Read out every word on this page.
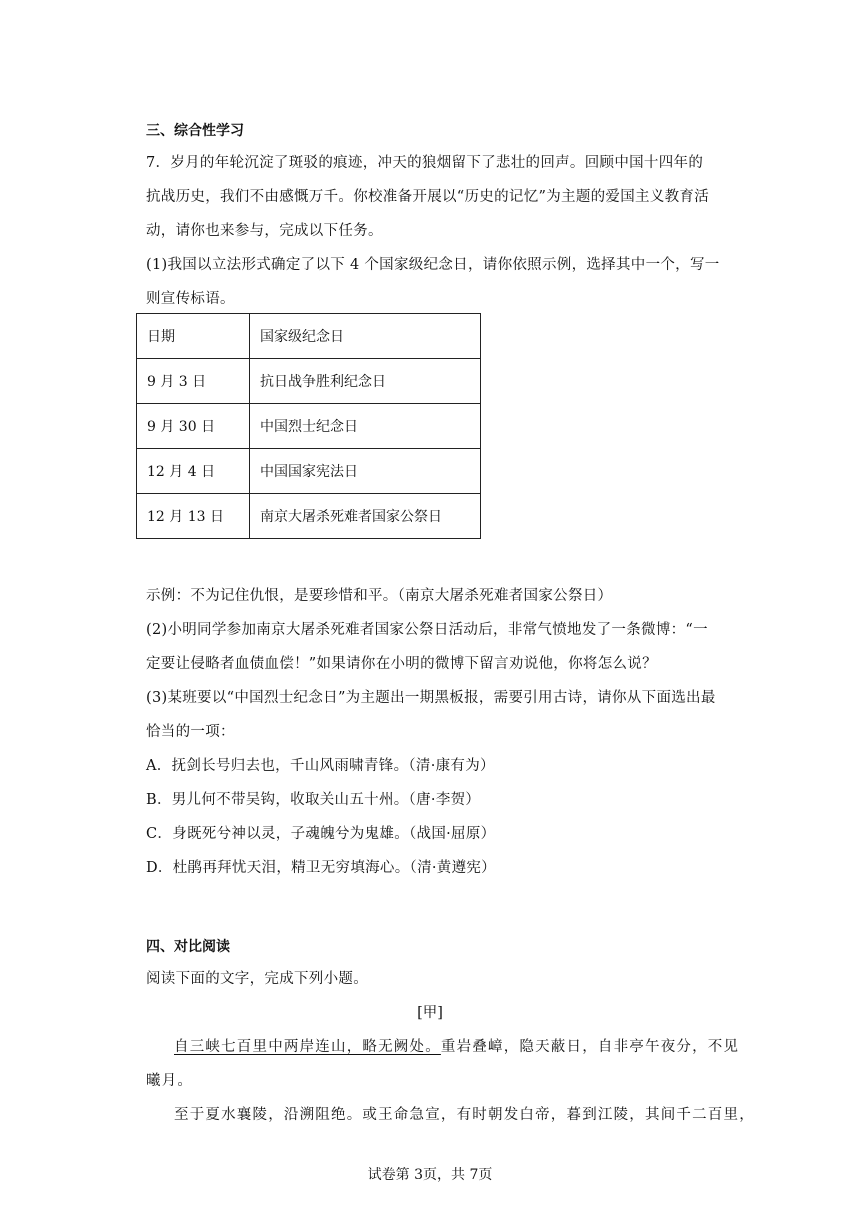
三、综合性学习
7．岁月的年轮沉淀了斑驳的痕迹，冲天的狼烟留下了悲壮的回声。回顾中国十四年的
抗战历史，我们不由感慨万千。你校准备开展以“历史的记忆”为主题的爱国主义教育活
动，请你也来参与，完成以下任务。
(1)我国以立法形式确定了以下 4 个国家级纪念日，请你依照示例，选择其中一个，写一
则宣传标语。
日期	国家级纪念日
9 月 3 日	抗日战争胜利纪念日
9 月 30 日	中国烈士纪念日
12 月 4 日	中国国家宪法日
12 月 13 日	南京大屠杀死难者国家公祭日
示例：不为记住仇恨，是要珍惜和平。（南京大屠杀死难者国家公祭日）
(2)小明同学参加南京大屠杀死难者国家公祭日活动后，非常气愤地发了一条微博：“一
定要让侵略者血债血偿！”如果请你在小明的微博下留言劝说他，你将怎么说？
(3)某班要以“中国烈士纪念日”为主题出一期黑板报，需要引用古诗，请你从下面选出最
恰当的一项：
A．抚剑长号归去也，千山风雨啸青锋。（清·康有为）
B．男儿何不带吴钩，收取关山五十州。（唐·李贺）
C．身既死兮神以灵，子魂魄兮为鬼雄。（战国·屈原）
D．杜鹃再拜忧天泪，精卫无穷填海心。（清·黄遵宪）
四、对比阅读
阅读下面的文字，完成下列小题。
[甲]
自三峡七百里中两岸连山，略无阙处。重岩叠嶂，隐天蔽日，自非亭午夜分，不见
曦月。
至于夏水襄陵，沿溯阻绝。或王命急宣，有时朝发白帝，暮到江陵，其间千二百里，
试卷第 3页，共 7页
